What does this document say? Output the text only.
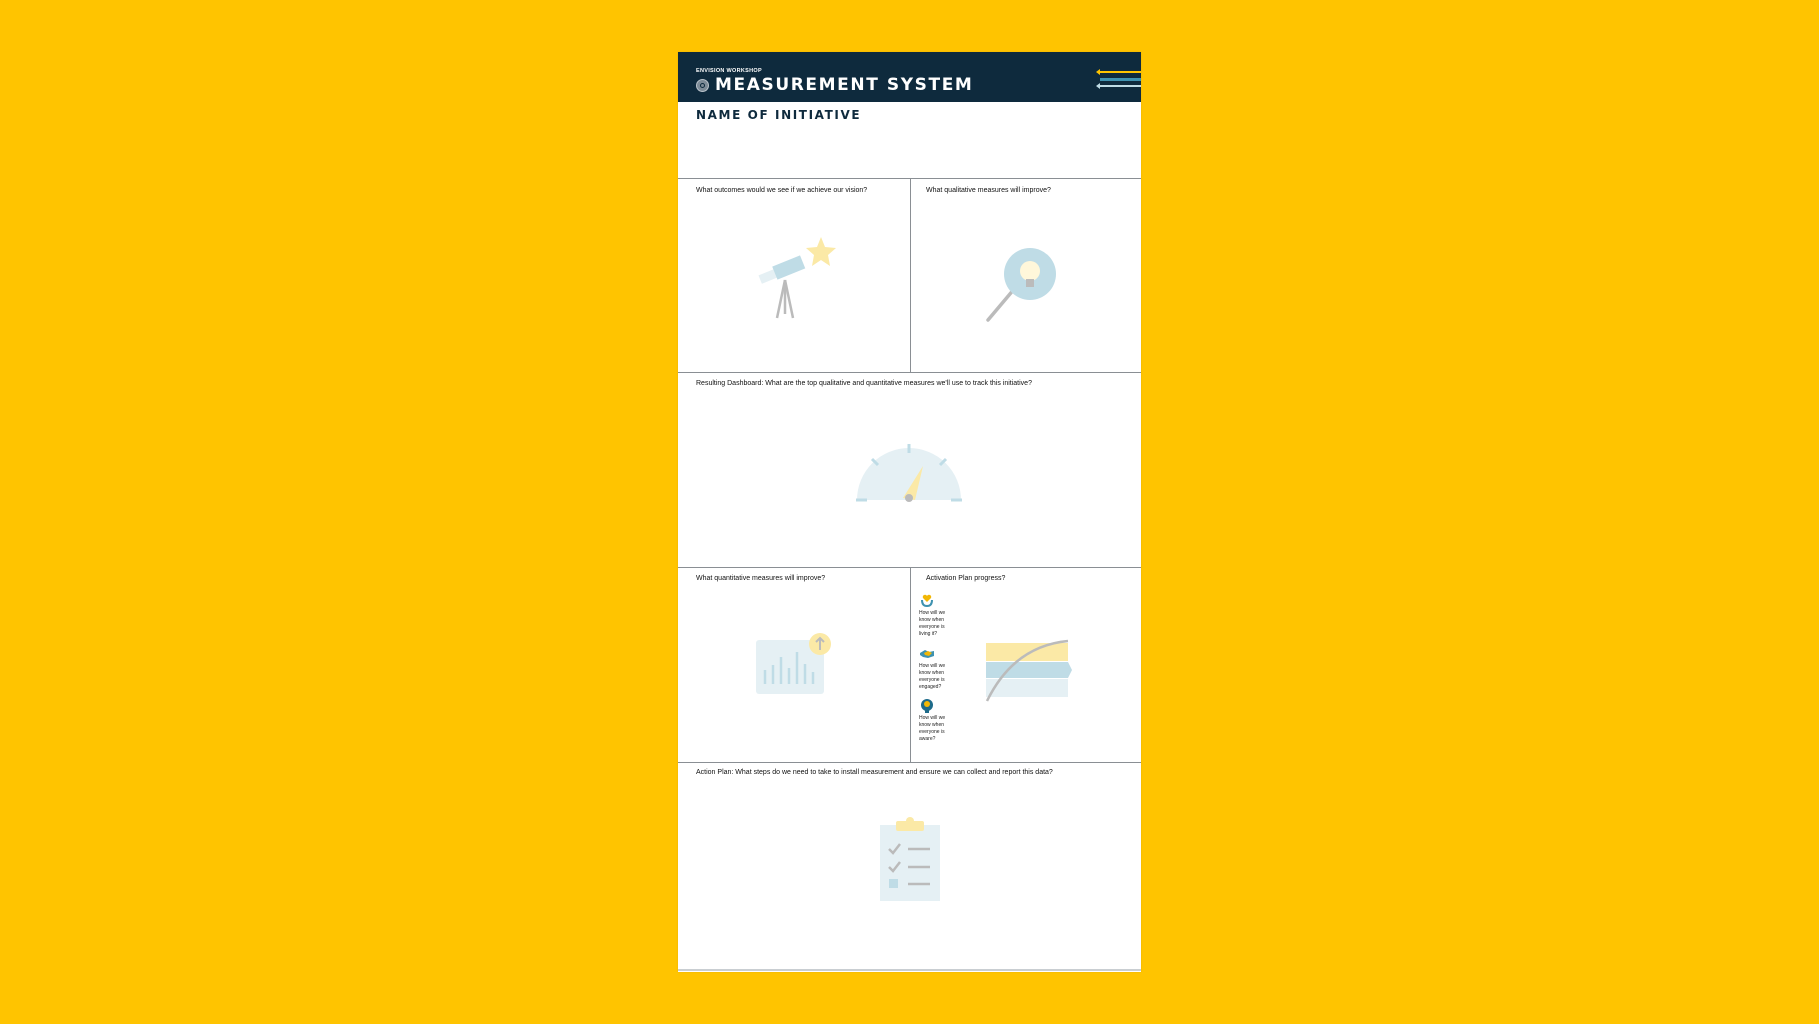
ENVISION WORKSHOP
MEASUREMENT SYSTEM
NAME OF INITIATIVE
What outcomes would we see if we achieve our vision?	What qualitative measures will improve?
Resulting Dashboard: What are the top qualitative and quantitative measures we'll use to track this initiative?
What quantitative measures will improve?	Activation Plan progress?
How will we know when everyone is living it?
How will we know when everyone is engaged?
How will we know when everyone is aware?
Action Plan: What steps do we need to take to install measurement and ensure we can collect and report this data?
